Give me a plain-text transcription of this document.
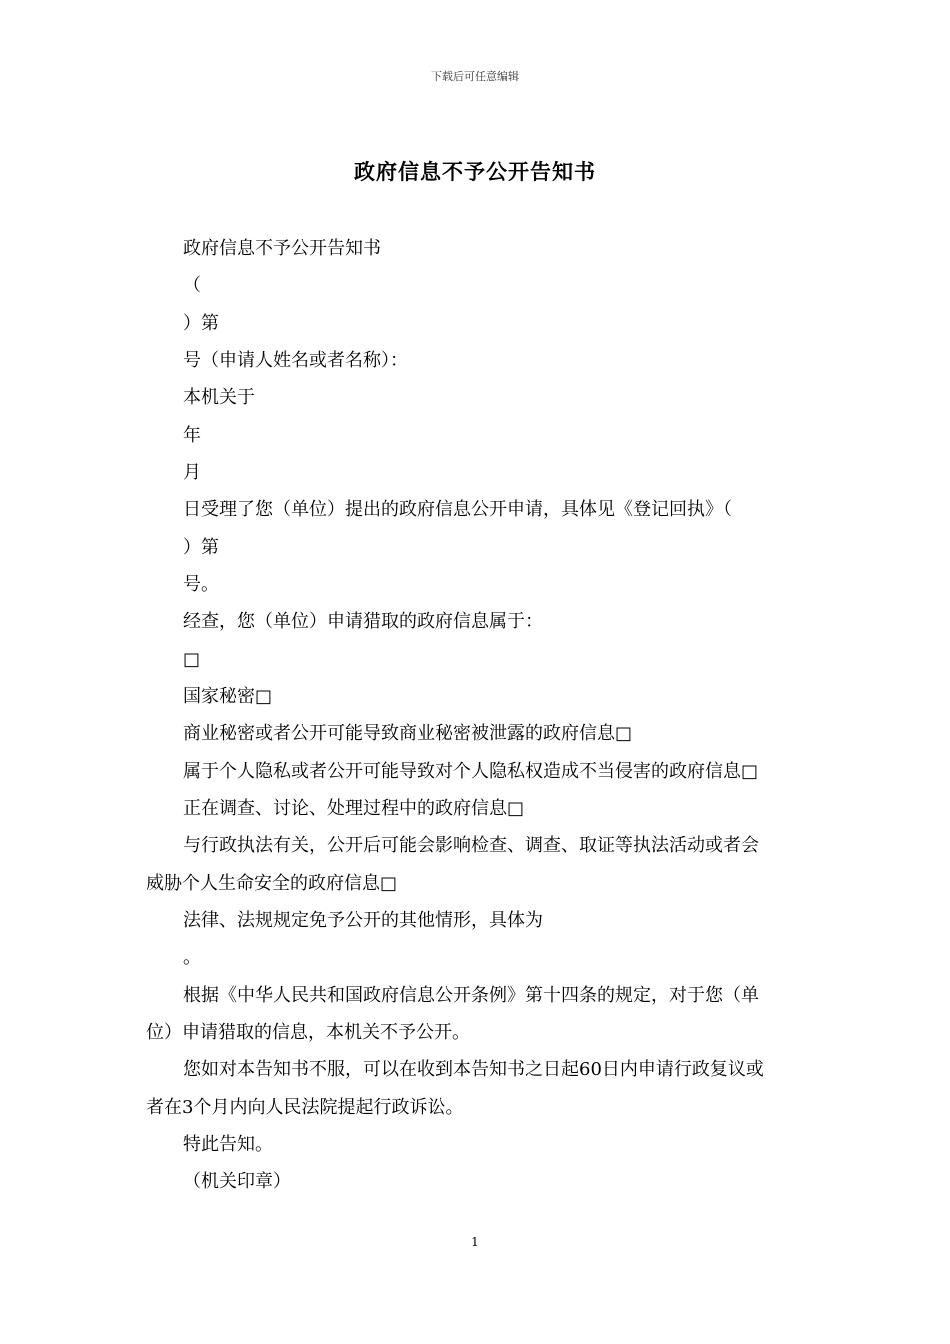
下载后可任意编辑
政府信息不予公开告知书
政府信息不予公开告知书
（
）第
号（申请人姓名或者名称）：
本机关于
年
月
日受理了您（单位）提出的政府信息公开申请，具体见《登记回执》（
）第
号。
经查，您（单位）申请猎取的政府信息属于：
□
国家秘密□
商业秘密或者公开可能导致商业秘密被泄露的政府信息□
属于个人隐私或者公开可能导致对个人隐私权造成不当侵害的政府信息□
正在调查、讨论、处理过程中的政府信息□
与行政执法有关，公开后可能会影响检查、调查、取证等执法活动或者会
威胁个人生命安全的政府信息□
法律、法规规定免予公开的其他情形，具体为
。
根据《中华人民共和国政府信息公开条例》第十四条的规定，对于您（单
位）申请猎取的信息，本机关不予公开。
您如对本告知书不服，可以在收到本告知书之日起60日内申请行政复议或
者在3个月内向人民法院提起行政诉讼。
特此告知。
（机关印章）
1
